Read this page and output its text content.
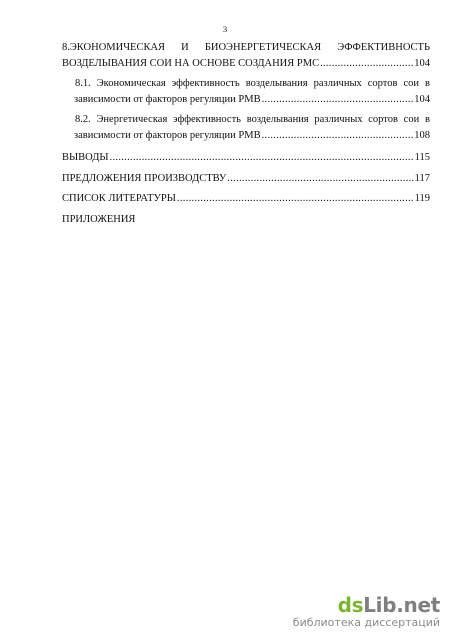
3
8.ЭКОНОМИЧЕСКАЯ И БИОЭНЕРГЕТИЧЕСКАЯ ЭФФЕКТИВНОСТЬ
ВОЗДЕЛЫВАНИЯ СОИ НА ОСНОВЕ СОЗДАНИЯ РМС .....	104
8.1. Экономическая эффективность возделывания различных сортов сои в
зависимости от факторов регуляции РМВ .....	104
8.2. Энергетическая эффективность возделывания различных сортов сои в
зависимости от факторов регуляции РМВ .....	108
ВЫВОДЫ .....	115
ПРЕДЛОЖЕНИЯ ПРОИЗВОДСТВУ .....	117
СПИСОК ЛИТЕРАТУРЫ .....	119
ПРИЛОЖЕНИЯ
dsLib.net
библиотека диссертаций
